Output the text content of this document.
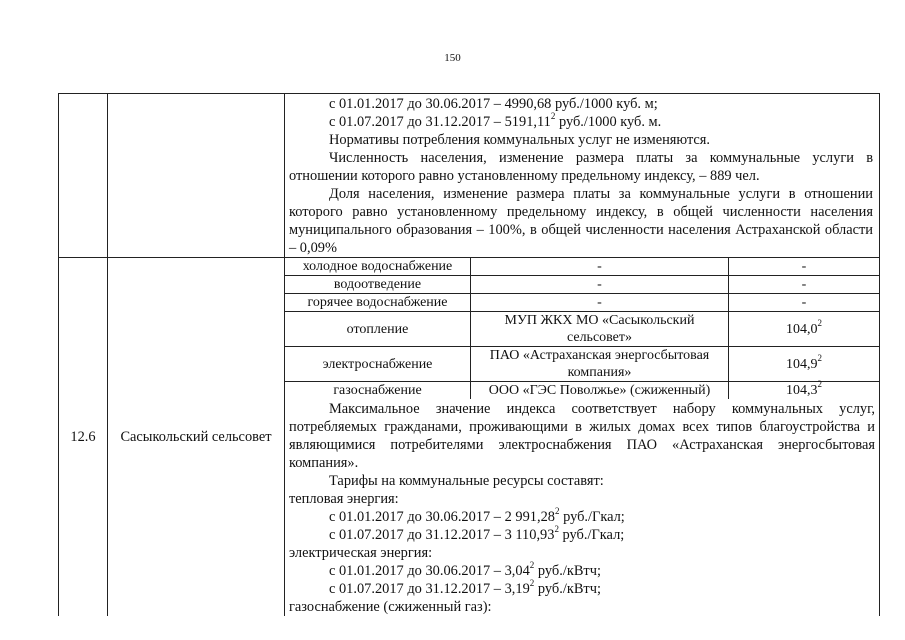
150

с 01.01.2017 до 30.06.2017 – 4990,68 руб./1000 куб. м;

с 01.07.2017 до 31.12.2017 – 5191,11$^2$ руб./1000 куб. м.

Нормативы потребления коммунальных услуг не изменяются.

Численность населения, изменение размера платы за коммунальные услуги в отношении которого равно установленному предельному индексу, – 889 чел.

Доля населения, изменение размера платы за коммунальные услуги в отношении которого равно установленному предельному индексу, в общей численности населения муниципального образования – 100%, в общей численности населения Астраханской области – 0,09%

12.6	Сасыкольский сельсовет	
холодное водоснабжение	-	-
водоотведение	-	-
горячее водоснабжение	-	-
отопление	МУП ЖКХ МО «Сасыкольский сельсовет»	104,0$^2$
электроснабжение	ПАО «Астраханская энергосбытовая компания»	104,9$^2$
газоснабжение	ООО «ГЭС Поволжье» (сжиженный)	104,3$^2$

Максимальное значение индекса соответствует набору коммунальных услуг, потребляемых гражданами, проживающими в жилых домах всех типов благоустройства и являющимися потребителями электроснабжения ПАО «Астраханская энергосбытовая компания».

Тарифы на коммунальные ресурсы составят:

тепловая энергия:

с 01.01.2017 до 30.06.2017 – 2 991,28$^2$ руб./Гкал;

с 01.07.2017 до 31.12.2017 – 3 110,93$^2$ руб./Гкал;

электрическая энергия:

с 01.01.2017 до 30.06.2017 – 3,04$^2$ руб./кВтч;

с 01.07.2017 до 31.12.2017 – 3,19$^2$ руб./кВтч;

газоснабжение (сжиженный газ):
